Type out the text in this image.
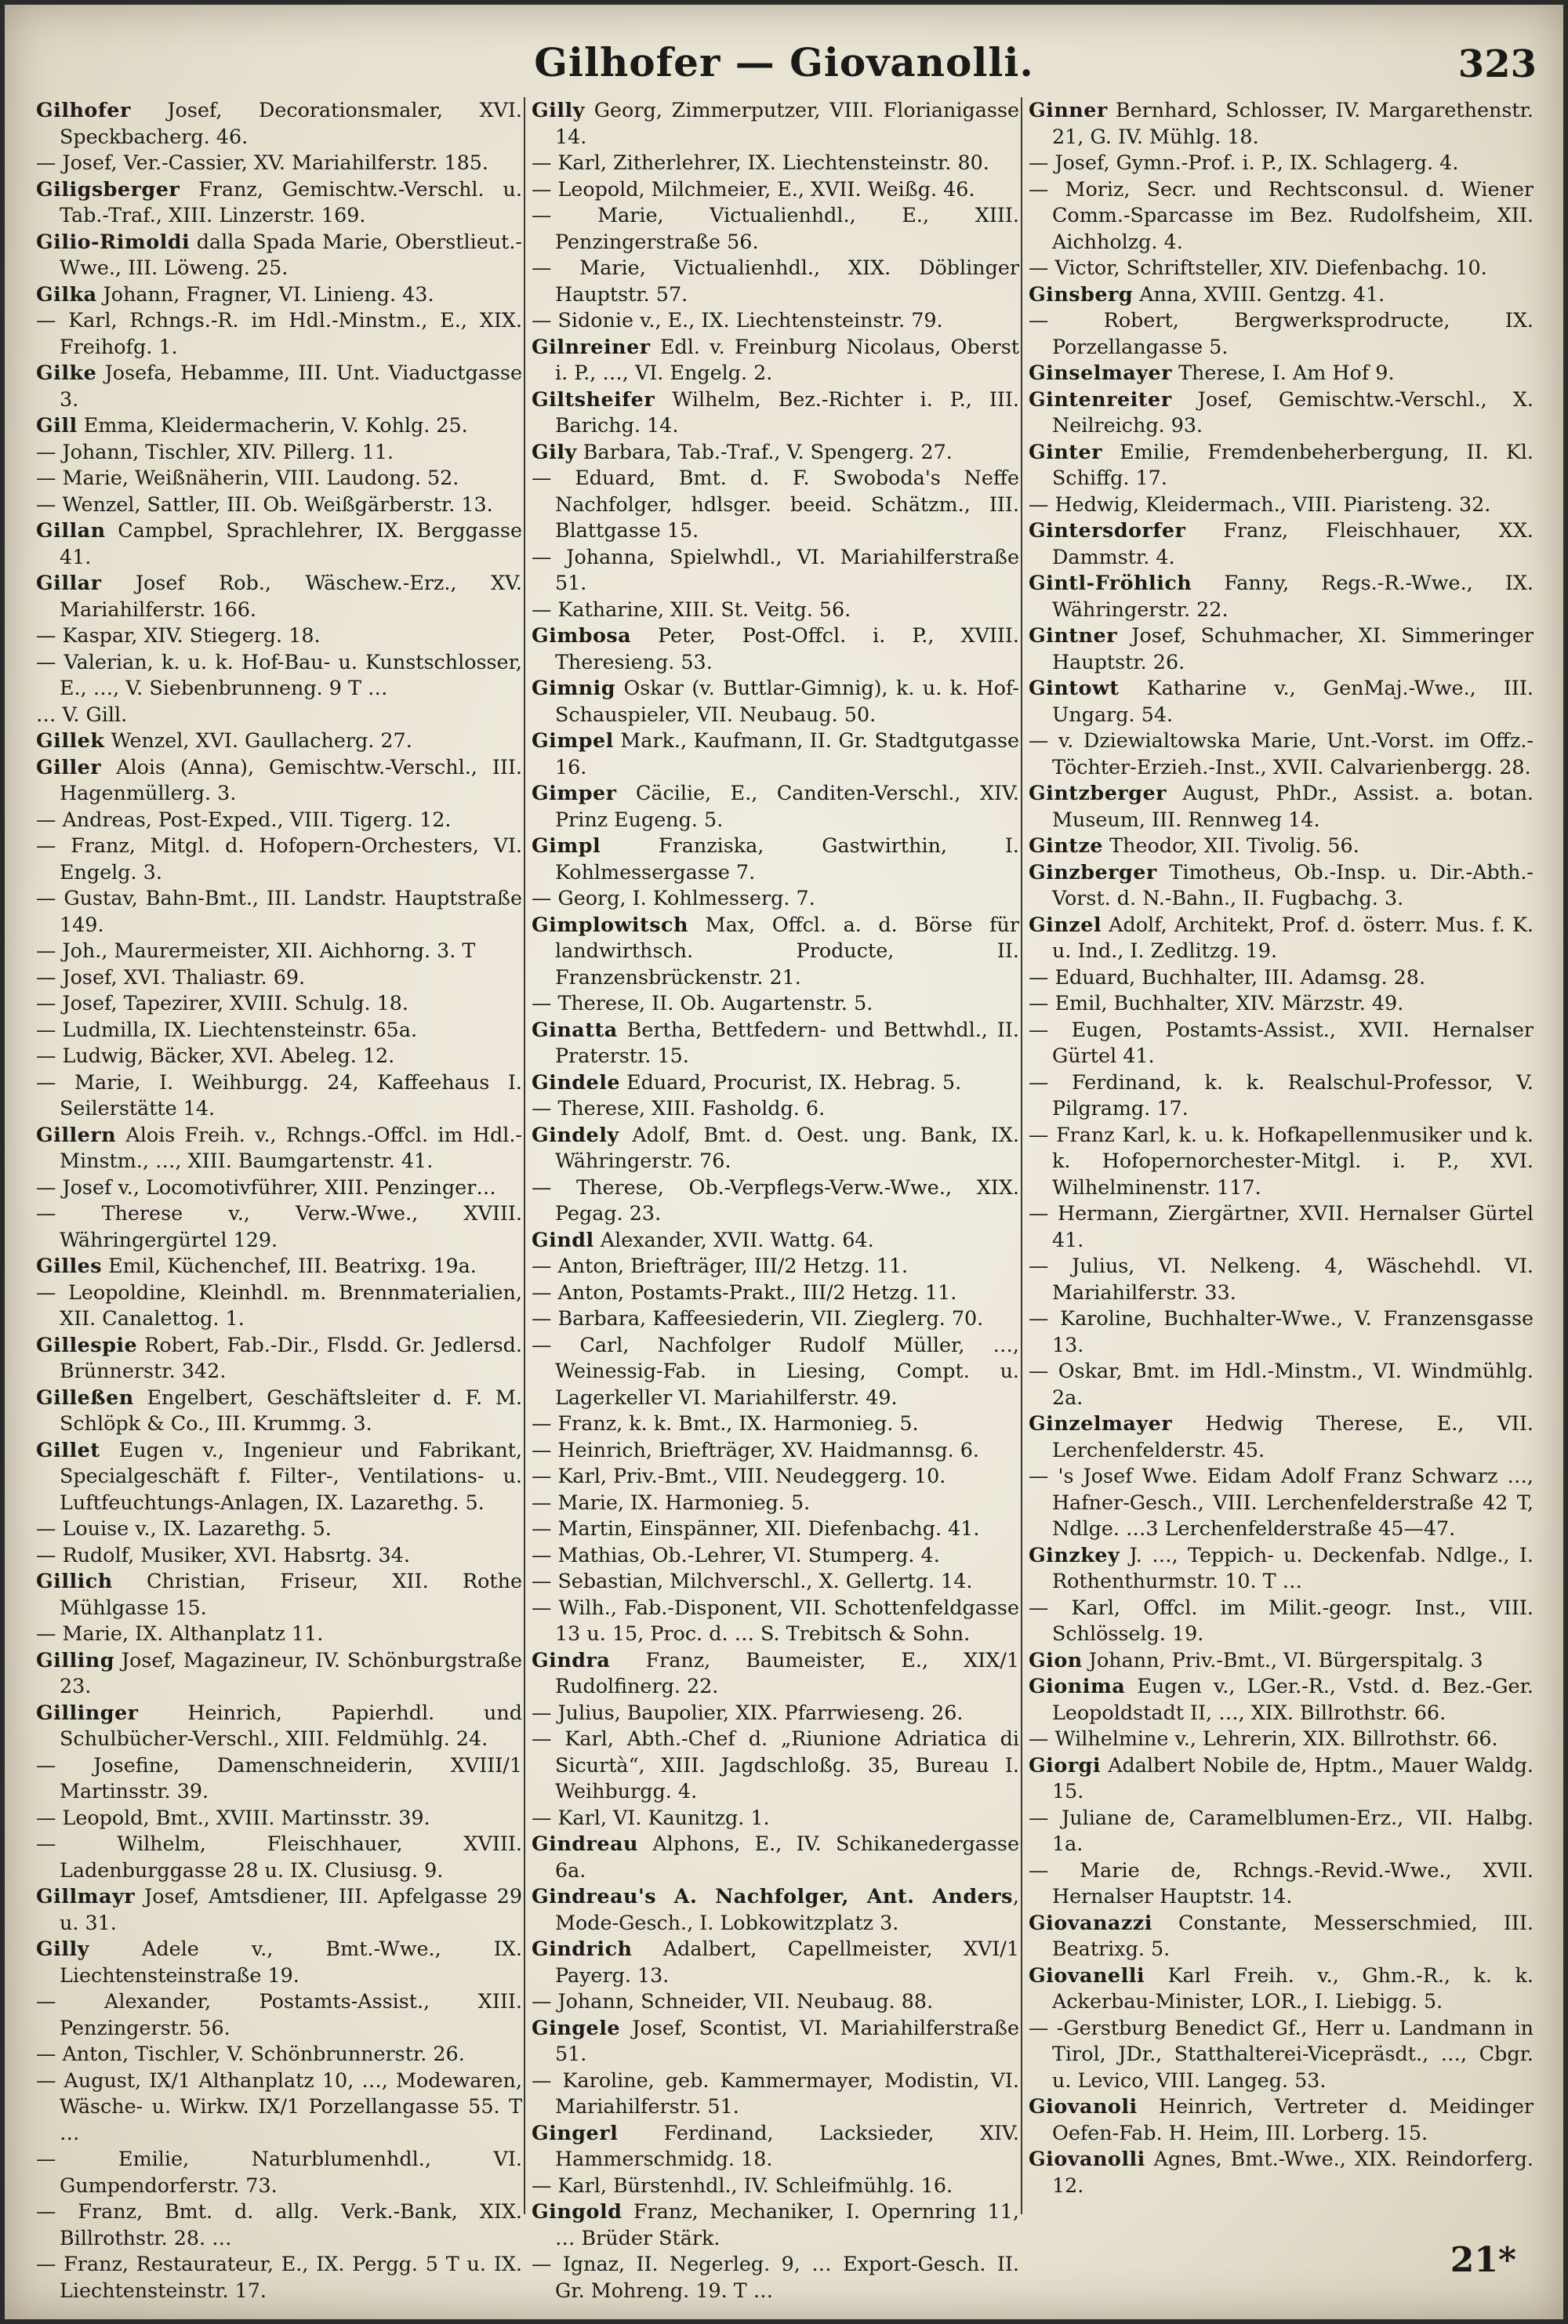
Gilhofer — Giovanolli.	323

Gilhofer Josef, Decorationsmaler, XVI. Speckbacherg. 46.

— Josef, Ver.-Cassier, XV. Mariahilferstr. 185.

Giligsberger Franz, Gemischtw.-Verschl. u. Tab.-Traf., XIII. Linzerstr. 169.

Gilio-Rimoldi dalla Spada Marie, Oberstlieut.-Wwe., III. Löweng. 25.

Gilka Johann, Fragner, VI. Linieng. 43.

— Karl, Rchngs.-R. im Hdl.-Minstm., E., XIX. Freihofg. 1.

Gilke Josefa, Hebamme, III. Unt. Viaductgasse 3.

Gill Emma, Kleidermacherin, V. Kohlg. 25.

— Johann, Tischler, XIV. Pillerg. 11.

— Marie, Weißnäherin, VIII. Laudong. 52.

— Wenzel, Sattler, III. Ob. Weißgärberstr. 13.

Gillan Campbel, Sprachlehrer, IX. Berggasse 41.

Gillar Josef Rob., Wäschew.-Erz., XV. Mariahilferstr. 166.

— Kaspar, XIV. Stiegerg. 18.

— Valerian, k. u. k. Hof-Bau- u. Kunstschlosser, E., …, V. Siebenbrunneng. 9 T …

… V. Gill.

Gillek Wenzel, XVI. Gaullacherg. 27.

Giller Alois (Anna), Gemischtw.-Verschl., III. Hagenmüllerg. 3.

— Andreas, Post-Exped., VIII. Tigerg. 12.

— Franz, Mitgl. d. Hofopern-Orchesters, VI. Engelg. 3.

— Gustav, Bahn-Bmt., III. Landstr. Hauptstraße 149.

— Joh., Maurermeister, XII. Aichhorng. 3. T

— Josef, XVI. Thaliastr. 69.

— Josef, Tapezirer, XVIII. Schulg. 18.

— Ludmilla, IX. Liechtensteinstr. 65a.

— Ludwig, Bäcker, XVI. Abeleg. 12.

— Marie, I. Weihburgg. 24, Kaffeehaus I. Seilerstätte 14.

Gillern Alois Freih. v., Rchngs.-Offcl. im Hdl.-Minstm., …, XIII. Baumgartenstr. 41.

— Josef v., Locomotivführer, XIII. Penzinger…

— Therese v., Verw.-Wwe., XVIII. Währingergürtel 129.

Gilles Emil, Küchenchef, III. Beatrixg. 19a.

— Leopoldine, Kleinhdl. m. Brennmaterialien, XII. Canalettog. 1.

Gillespie Robert, Fab.-Dir., Flsdd. Gr. Jedlersd. Brünnerstr. 342.

Gilleßen Engelbert, Geschäftsleiter d. F. M. Schlöpk & Co., III. Krummg. 3.

Gillet Eugen v., Ingenieur und Fabrikant, Specialgeschäft f. Filter-, Ventilations- u. Luftfeuchtungs-Anlagen, IX. Lazarethg. 5.

— Louise v., IX. Lazarethg. 5.

— Rudolf, Musiker, XVI. Habsrtg. 34.

Gillich Christian, Friseur, XII. Rothe Mühlgasse 15.

— Marie, IX. Althanplatz 11.

Gilling Josef, Magazineur, IV. Schönburgstraße 23.

Gillinger Heinrich, Papierhdl. und Schulbücher-Verschl., XIII. Feldmühlg. 24.

— Josefine, Damenschneiderin, XVIII/1 Martinsstr. 39.

— Leopold, Bmt., XVIII. Martinsstr. 39.

— Wilhelm, Fleischhauer, XVIII. Ladenburggasse 28 u. IX. Clusiusg. 9.

Gillmayr Josef, Amtsdiener, III. Apfelgasse 29 u. 31.

Gilly Adele v., Bmt.-Wwe., IX. Liechtensteinstraße 19.

— Alexander, Postamts-Assist., XIII. Penzingerstr. 56.

— Anton, Tischler, V. Schönbrunnerstr. 26.

— August, IX/1 Althanplatz 10, …, Modewaren, Wäsche- u. Wirkw. IX/1 Porzellangasse 55. T …

— Emilie, Naturblumenhdl., VI. Gumpendorferstr. 73.

— Franz, Bmt. d. allg. Verk.-Bank, XIX. Billrothstr. 28. …

— Franz, Restaurateur, E., IX. Pergg. 5 T u. IX. Liechtensteinstr. 17.

Gilly Georg, Zimmerputzer, VIII. Florianigasse 14.

— Karl, Zitherlehrer, IX. Liechtensteinstr. 80.

— Leopold, Milchmeier, E., XVII. Weißg. 46.

— Marie, Victualienhdl., E., XIII. Penzingerstraße 56.

— Marie, Victualienhdl., XIX. Döblinger Hauptstr. 57.

— Sidonie v., E., IX. Liechtensteinstr. 79.

Gilnreiner Edl. v. Freinburg Nicolaus, Oberst i. P., …, VI. Engelg. 2.

Giltsheifer Wilhelm, Bez.-Richter i. P., III. Barichg. 14.

Gily Barbara, Tab.-Traf., V. Spengerg. 27.

— Eduard, Bmt. d. F. Swoboda's Neffe Nachfolger, hdlsger. beeid. Schätzm., III. Blattgasse 15.

— Johanna, Spielwhdl., VI. Mariahilferstraße 51.

— Katharine, XIII. St. Veitg. 56.

Gimbosa Peter, Post-Offcl. i. P., XVIII. Theresieng. 53.

Gimnig Oskar (v. Buttlar-Gimnig), k. u. k. Hof-Schauspieler, VII. Neubaug. 50.

Gimpel Mark., Kaufmann, II. Gr. Stadtgutgasse 16.

Gimper Cäcilie, E., Canditen-Verschl., XIV. Prinz Eugeng. 5.

Gimpl Franziska, Gastwirthin, I. Kohlmessergasse 7.

— Georg, I. Kohlmesserg. 7.

Gimplowitsch Max, Offcl. a. d. Börse für landwirthsch. Producte, II. Franzensbrückenstr. 21.

— Therese, II. Ob. Augartenstr. 5.

Ginatta Bertha, Bettfedern- und Bettwhdl., II. Praterstr. 15.

Gindele Eduard, Procurist, IX. Hebrag. 5.

— Therese, XIII. Fasholdg. 6.

Gindely Adolf, Bmt. d. Oest. ung. Bank, IX. Währingerstr. 76.

— Therese, Ob.-Verpflegs-Verw.-Wwe., XIX. Pegag. 23.

Gindl Alexander, XVII. Wattg. 64.

— Anton, Briefträger, III/2 Hetzg. 11.

— Anton, Postamts-Prakt., III/2 Hetzg. 11.

— Barbara, Kaffeesiederin, VII. Zieglerg. 70.

— Carl, Nachfolger Rudolf Müller, …, Weinessig-Fab. in Liesing, Compt. u. Lagerkeller VI. Mariahilferstr. 49.

— Franz, k. k. Bmt., IX. Harmonieg. 5.

— Heinrich, Briefträger, XV. Haidmannsg. 6.

— Karl, Priv.-Bmt., VIII. Neudeggerg. 10.

— Marie, IX. Harmonieg. 5.

— Martin, Einspänner, XII. Diefenbachg. 41.

— Mathias, Ob.-Lehrer, VI. Stumperg. 4.

— Sebastian, Milchverschl., X. Gellertg. 14.

— Wilh., Fab.-Disponent, VII. Schottenfeldgasse 13 u. 15, Proc. d. … S. Trebitsch & Sohn.

Gindra Franz, Baumeister, E., XIX/1 Rudolfinerg. 22.

— Julius, Baupolier, XIX. Pfarrwieseng. 26.

— Karl, Abth.-Chef d. „Riunione Adriatica di Sicurtà“, XIII. Jagdschloßg. 35, Bureau I. Weihburgg. 4.

— Karl, VI. Kaunitzg. 1.

Gindreau Alphons, E., IV. Schikanedergasse 6a.

Gindreau's A. Nachfolger, Ant. Anders, Mode-Gesch., I. Lobkowitzplatz 3.

Gindrich Adalbert, Capellmeister, XVI/1 Payerg. 13.

— Johann, Schneider, VII. Neubaug. 88.

Gingele Josef, Scontist, VI. Mariahilferstraße 51.

— Karoline, geb. Kammermayer, Modistin, VI. Mariahilferstr. 51.

Gingerl Ferdinand, Lacksieder, XIV. Hammerschmidg. 18.

— Karl, Bürstenhdl., IV. Schleifmühlg. 16.

Gingold Franz, Mechaniker, I. Opernring 11, … Brüder Stärk.

— Ignaz, II. Negerleg. 9, … Export-Gesch. II. Gr. Mohreng. 19. T …

Ginner Bernhard, Schlosser, IV. Margarethenstr. 21, G. IV. Mühlg. 18.

— Josef, Gymn.-Prof. i. P., IX. Schlagerg. 4.

— Moriz, Secr. und Rechtsconsul. d. Wiener Comm.-Sparcasse im Bez. Rudolfsheim, XII. Aichholzg. 4.

— Victor, Schriftsteller, XIV. Diefenbachg. 10.

Ginsberg Anna, XVIII. Gentzg. 41.

— Robert, Bergwerksprodructe, IX. Porzellangasse 5.

Ginselmayer Therese, I. Am Hof 9.

Gintenreiter Josef, Gemischtw.-Verschl., X. Neilreichg. 93.

Ginter Emilie, Fremdenbeherbergung, II. Kl. Schiffg. 17.

— Hedwig, Kleidermach., VIII. Piaristeng. 32.

Gintersdorfer Franz, Fleischhauer, XX. Dammstr. 4.

Gintl-Fröhlich Fanny, Regs.-R.-Wwe., IX. Währingerstr. 22.

Gintner Josef, Schuhmacher, XI. Simmeringer Hauptstr. 26.

Gintowt Katharine v., GenMaj.-Wwe., III. Ungarg. 54.

— v. Dziewialtowska Marie, Unt.-Vorst. im Offz.-Töchter-Erzieh.-Inst., XVII. Calvarienbergg. 28.

Gintzberger August, PhDr., Assist. a. botan. Museum, III. Rennweg 14.

Gintze Theodor, XII. Tivolig. 56.

Ginzberger Timotheus, Ob.-Insp. u. Dir.-Abth.-Vorst. d. N.-Bahn., II. Fugbachg. 3.

Ginzel Adolf, Architekt, Prof. d. österr. Mus. f. K. u. Ind., I. Zedlitzg. 19.

— Eduard, Buchhalter, III. Adamsg. 28.

— Emil, Buchhalter, XIV. Märzstr. 49.

— Eugen, Postamts-Assist., XVII. Hernalser Gürtel 41.

— Ferdinand, k. k. Realschul-Professor, V. Pilgramg. 17.

— Franz Karl, k. u. k. Hofkapellenmusiker und k. k. Hofopernorchester-Mitgl. i. P., XVI. Wilhelminenstr. 117.

— Hermann, Ziergärtner, XVII. Hernalser Gürtel 41.

— Julius, VI. Nelkeng. 4, Wäschehdl. VI. Mariahilferstr. 33.

— Karoline, Buchhalter-Wwe., V. Franzensgasse 13.

— Oskar, Bmt. im Hdl.-Minstm., VI. Windmühlg. 2a.

Ginzelmayer Hedwig Therese, E., VII. Lerchenfelderstr. 45.

— 's Josef Wwe. Eidam Adolf Franz Schwarz …, Hafner-Gesch., VIII. Lerchenfelderstraße 42 T, Ndlge. …3 Lerchenfelderstraße 45—47.

Ginzkey J. …, Teppich- u. Deckenfab. Ndlge., I. Rothenthurmstr. 10. T …

— Karl, Offcl. im Milit.-geogr. Inst., VIII. Schlösselg. 19.

Gion Johann, Priv.-Bmt., VI. Bürgerspitalg. 3

Gionima Eugen v., LGer.-R., Vstd. d. Bez.-Ger. Leopoldstadt II, …, XIX. Billrothstr. 66.

— Wilhelmine v., Lehrerin, XIX. Billrothstr. 66.

Giorgi Adalbert Nobile de, Hptm., Mauer Waldg. 15.

— Juliane de, Caramelblumen-Erz., VII. Halbg. 1a.

— Marie de, Rchngs.-Revid.-Wwe., XVII. Hernalser Hauptstr. 14.

Giovanazzi Constante, Messerschmied, III. Beatrixg. 5.

Giovanelli Karl Freih. v., Ghm.-R., k. k. Ackerbau-Minister, LOR., I. Liebigg. 5.

— -Gerstburg Benedict Gf., Herr u. Landmann in Tirol, JDr., Statthalterei-Vicepräsdt., …, Cbgr. u. Levico, VIII. Langeg. 53.

Giovanoli Heinrich, Vertreter d. Meidinger Oefen-Fab. H. Heim, III. Lorberg. 15.

Giovanolli Agnes, Bmt.-Wwe., XIX. Reindorferg. 12.

21*
